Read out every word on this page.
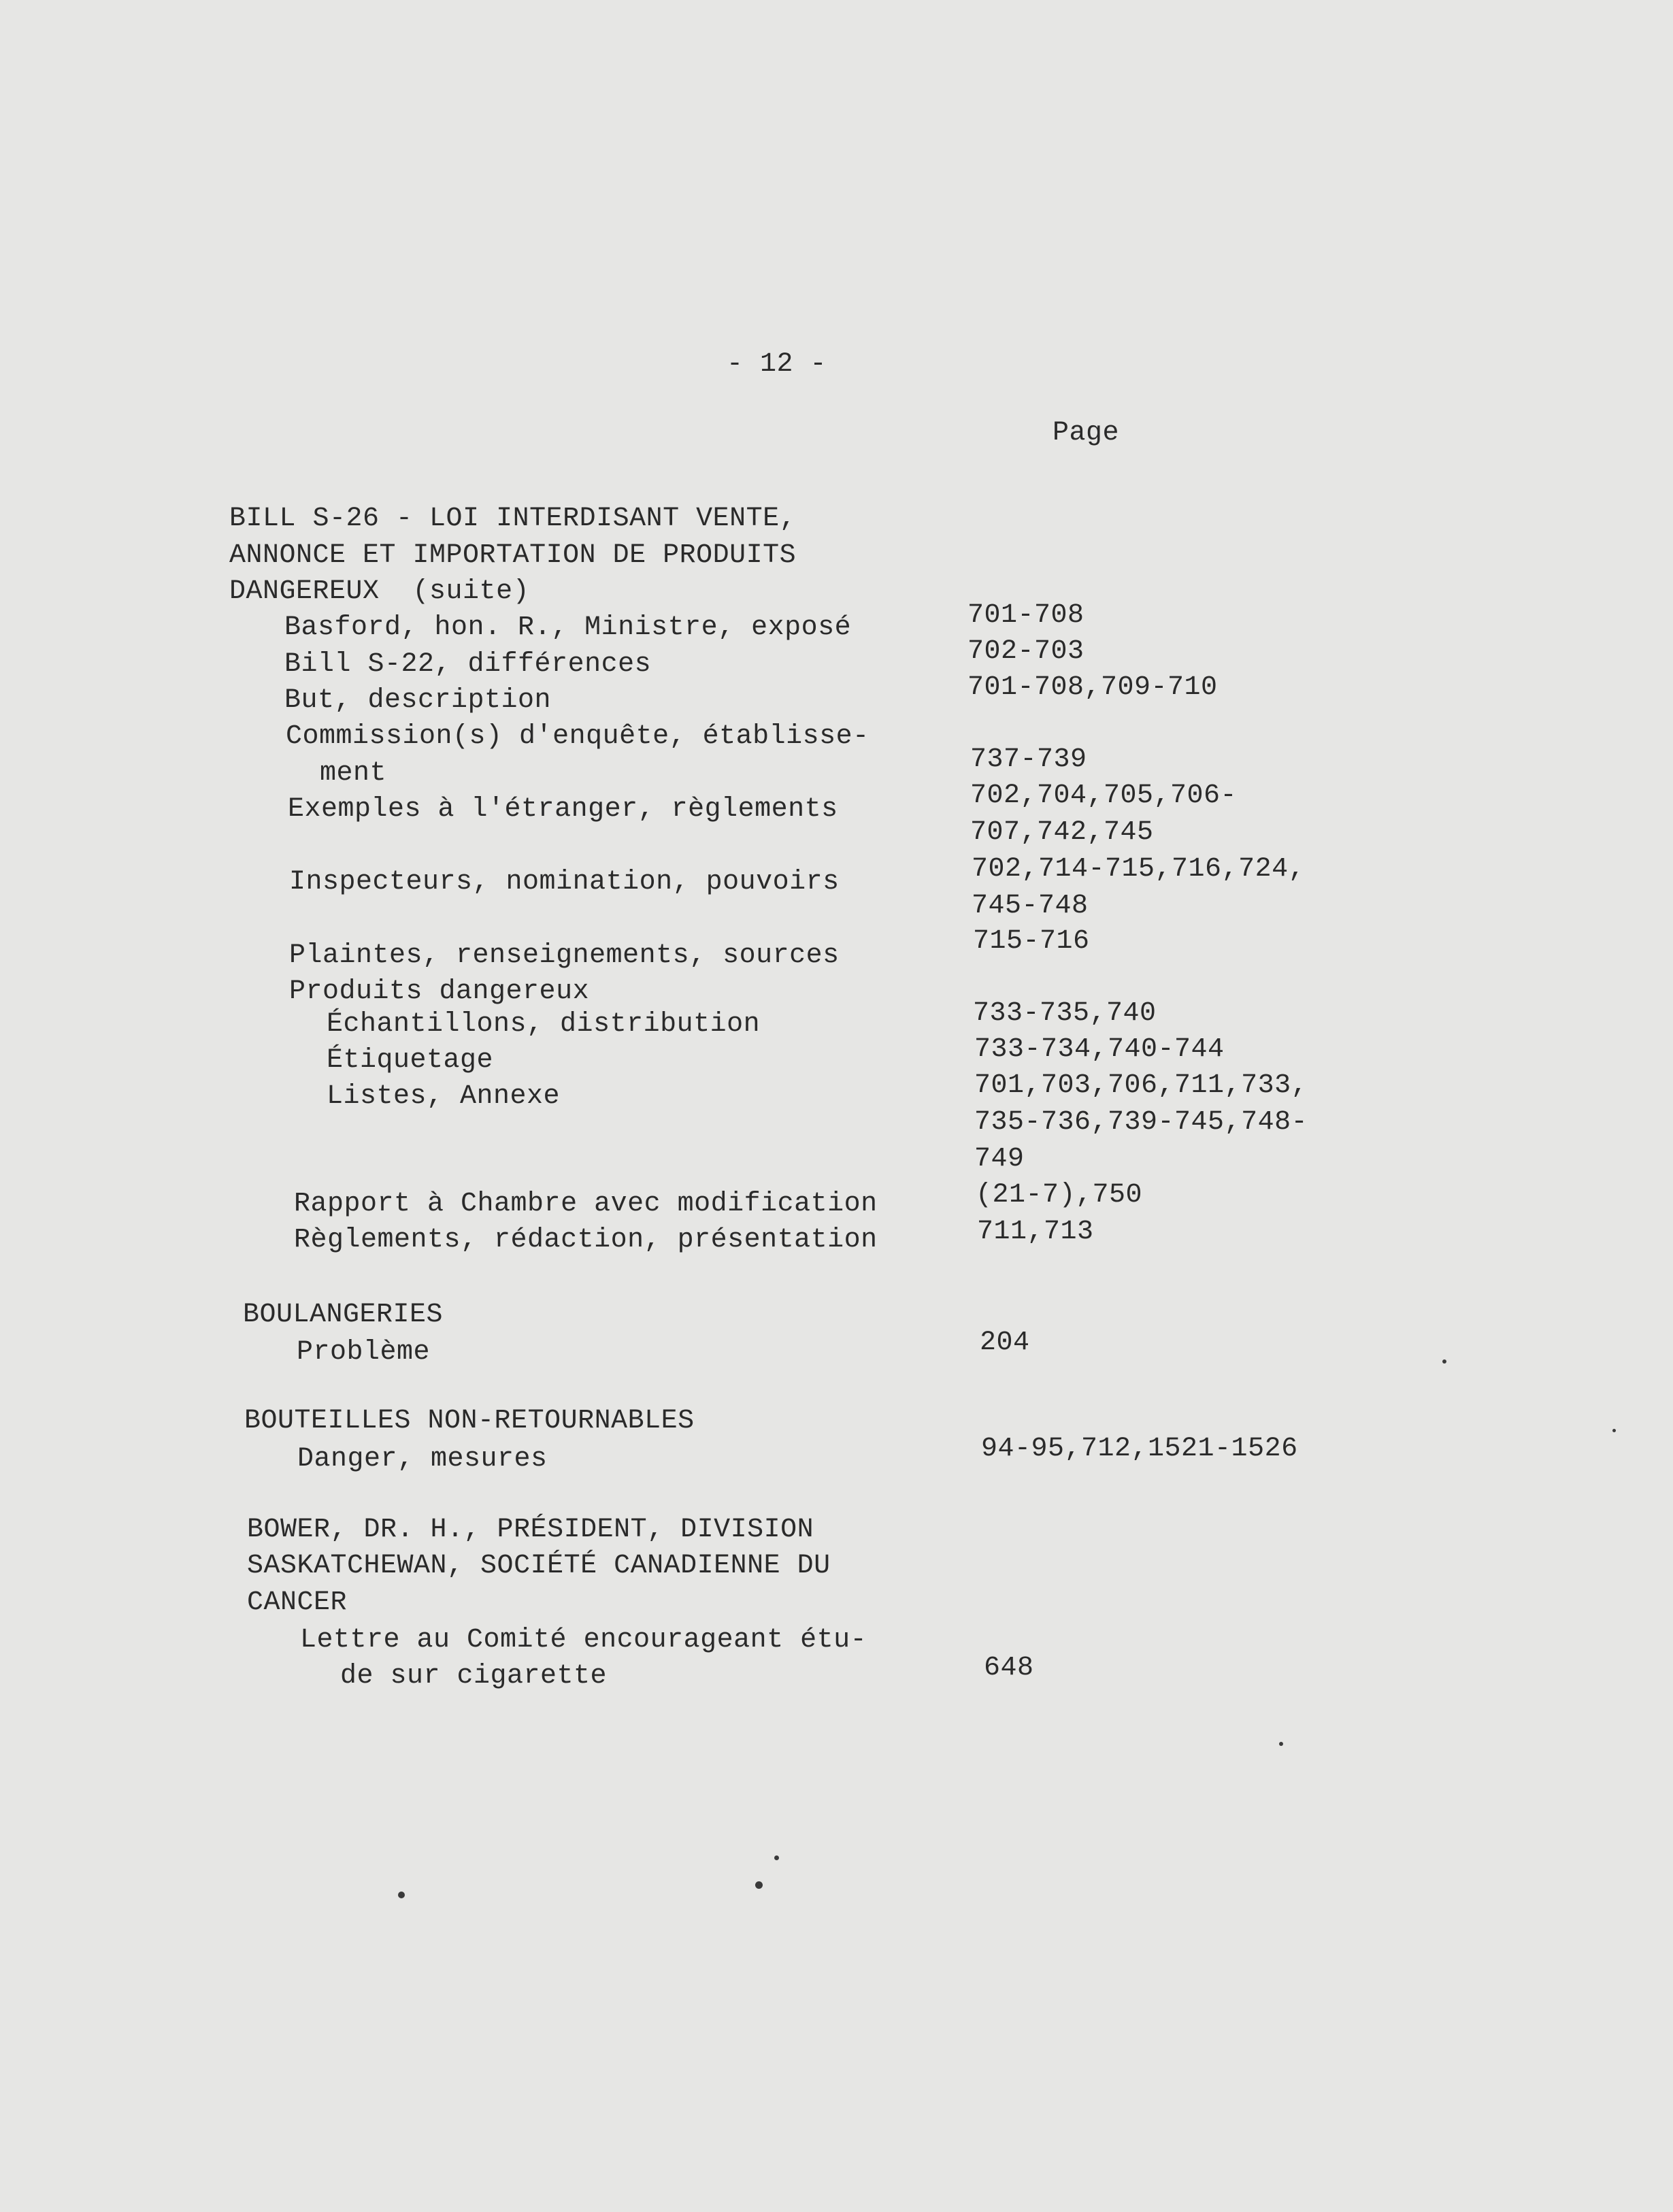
- 12 -
Page
BILL S-26 - LOI INTERDISANT VENTE,
ANNONCE ET IMPORTATION DE PRODUITS
DANGEREUX  (suite)
Basford, hon. R., Ministre, exposé	701-708
Bill S-22, différences	702-703
But, description	701-708,709-710
Commission(s) d'enquête, établisse-
ment	737-739
Exemples à l'étranger, règlements	702,704,705,706-
707,742,745
Inspecteurs, nomination, pouvoirs	702,714-715,716,724,
745-748
Plaintes, renseignements, sources	715-716
Produits dangereux
Échantillons, distribution	733-735,740
Étiquetage	733-734,740-744
Listes, Annexe	701,703,706,711,733,
735-736,739-745,748-
749
Rapport à Chambre avec modification	(21-7),750
Règlements, rédaction, présentation	711,713
BOULANGERIES
Problème	204
BOUTEILLES NON-RETOURNABLES
Danger, mesures	94-95,712,1521-1526
BOWER, DR. H., PRÉSIDENT, DIVISION
SASKATCHEWAN, SOCIÉTÉ CANADIENNE DU
CANCER
Lettre au Comité encourageant étu-
de sur cigarette	648
